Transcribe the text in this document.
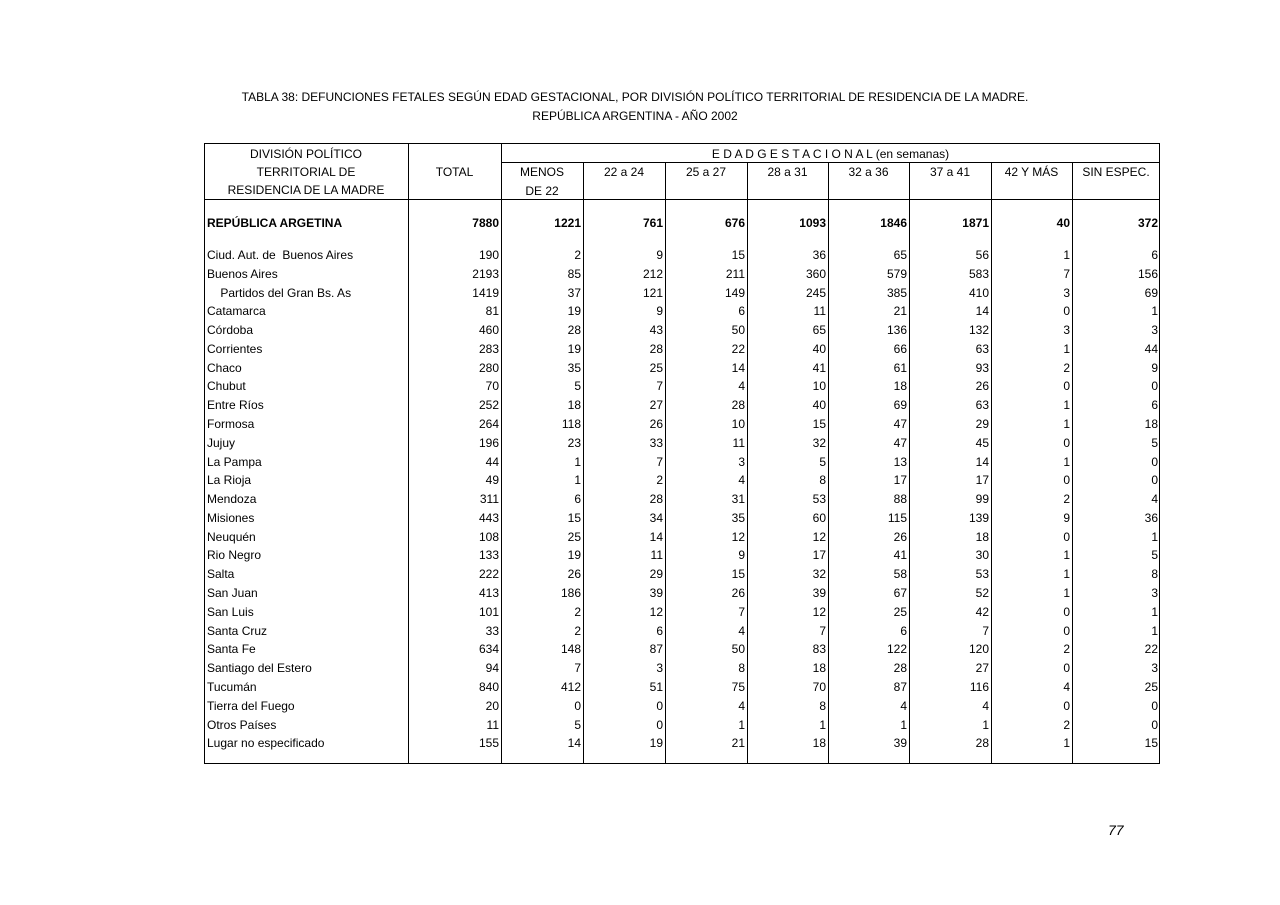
TABLA 38: DEFUNCIONES FETALES SEGÚN EDAD GESTACIONAL, POR DIVISIÓN POLÍTICO TERRITORIAL DE RESIDENCIA DE LA MADRE.
REPÚBLICA ARGENTINA - AÑO 2002
DIVISIÓN POLÍTICO
TERRITORIAL DE
RESIDENCIA DE LA MADRE
TOTAL
E D A D G E S T A C I O N A L (en semanas)
MENOS	22 a 24	25 a 27	28 a 31	32 a 36	37 a 41	42 Y MÁS	SIN ESPEC.
DE 22
REPÚBLICA ARGETINA	7880	1221	761	676	1093	1846	1871	40	372
Ciud. Aut. de  Buenos Aires	190	2	9	15	36	65	56	1	6
Buenos Aires	2193	85	212	211	360	579	583	7	156
Partidos del Gran Bs. As	1419	37	121	149	245	385	410	3	69
Catamarca	81	19	9	6	11	21	14	0	1
Córdoba	460	28	43	50	65	136	132	3	3
Corrientes	283	19	28	22	40	66	63	1	44
Chaco	280	35	25	14	41	61	93	2	9
Chubut	70	5	7	4	10	18	26	0	0
Entre Ríos	252	18	27	28	40	69	63	1	6
Formosa	264	118	26	10	15	47	29	1	18
Jujuy	196	23	33	11	32	47	45	0	5
La Pampa	44	1	7	3	5	13	14	1	0
La Rioja	49	1	2	4	8	17	17	0	0
Mendoza	311	6	28	31	53	88	99	2	4
Misiones	443	15	34	35	60	115	139	9	36
Neuquén	108	25	14	12	12	26	18	0	1
Rio Negro	133	19	11	9	17	41	30	1	5
Salta	222	26	29	15	32	58	53	1	8
San Juan	413	186	39	26	39	67	52	1	3
San Luis	101	2	12	7	12	25	42	0	1
Santa Cruz	33	2	6	4	7	6	7	0	1
Santa Fe	634	148	87	50	83	122	120	2	22
Santiago del Estero	94	7	3	8	18	28	27	0	3
Tucumán	840	412	51	75	70	87	116	4	25
Tierra del Fuego	20	0	0	4	8	4	4	0	0
Otros Países	11	5	0	1	1	1	1	2	0
Lugar no especificado	155	14	19	21	18	39	28	1	15
77
